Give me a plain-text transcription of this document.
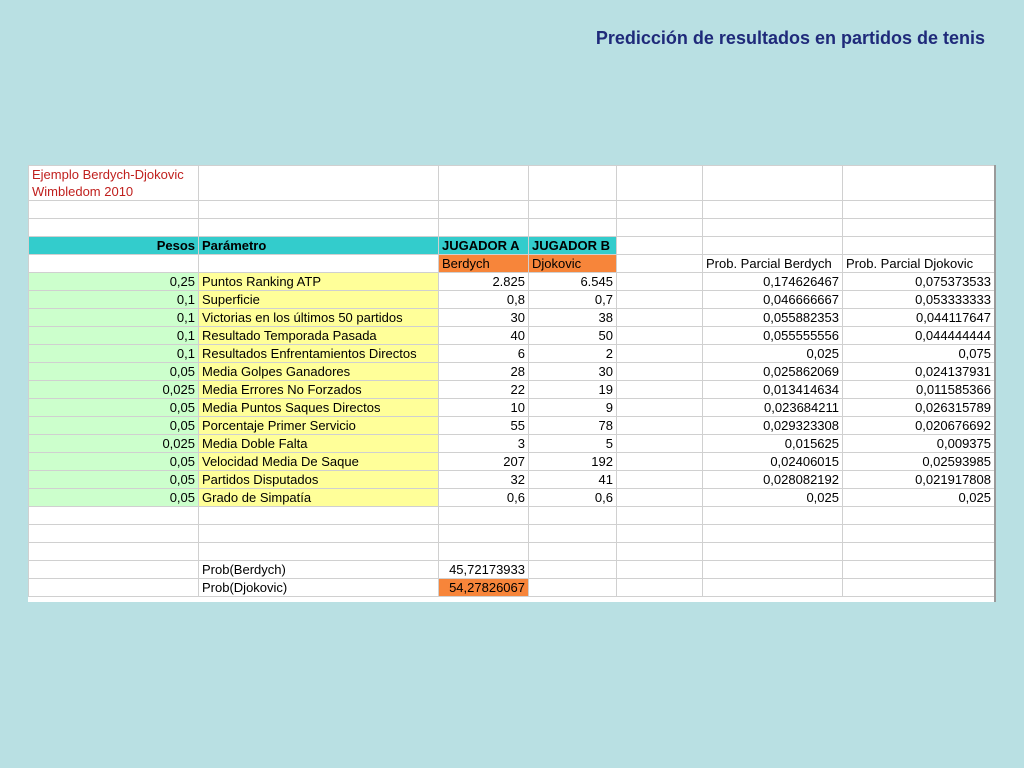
Predicción de resultados en partidos de tenis
Ejemplo Berdych-Djokovic
Wimbledom 2010						

Pesos	Parámetro	JUGADOR A	JUGADOR B			
		Berdych	Djokovic		Prob. Parcial Berdych	Prob. Parcial Djokovic
0,25	Puntos Ranking ATP	2.825	6.545		0,174626467	0,075373533
0,1	Superficie	0,8	0,7		0,046666667	0,053333333
0,1	Victorias en los últimos 50 partidos	30	38		0,055882353	0,044117647
0,1	Resultado Temporada Pasada	40	50		0,055555556	0,044444444
0,1	Resultados Enfrentamientos Directos	6	2		0,025	0,075
0,05	Media Golpes Ganadores	28	30		0,025862069	0,024137931
0,025	Media Errores No Forzados	22	19		0,013414634	0,011585366
0,05	Media Puntos Saques Directos	10	9		0,023684211	0,026315789
0,05	Porcentaje Primer Servicio	55	78		0,029323308	0,020676692
0,025	Media Doble Falta	3	5		0,015625	0,009375
0,05	Velocidad Media De Saque	207	192		0,02406015	0,02593985
0,05	Partidos Disputados	32	41		0,028082192	0,021917808
0,05	Grado de Simpatía	0,6	0,6		0,025	0,025

	Prob(Berdych)	45,72173933				
	Prob(Djokovic)	54,27826067				
